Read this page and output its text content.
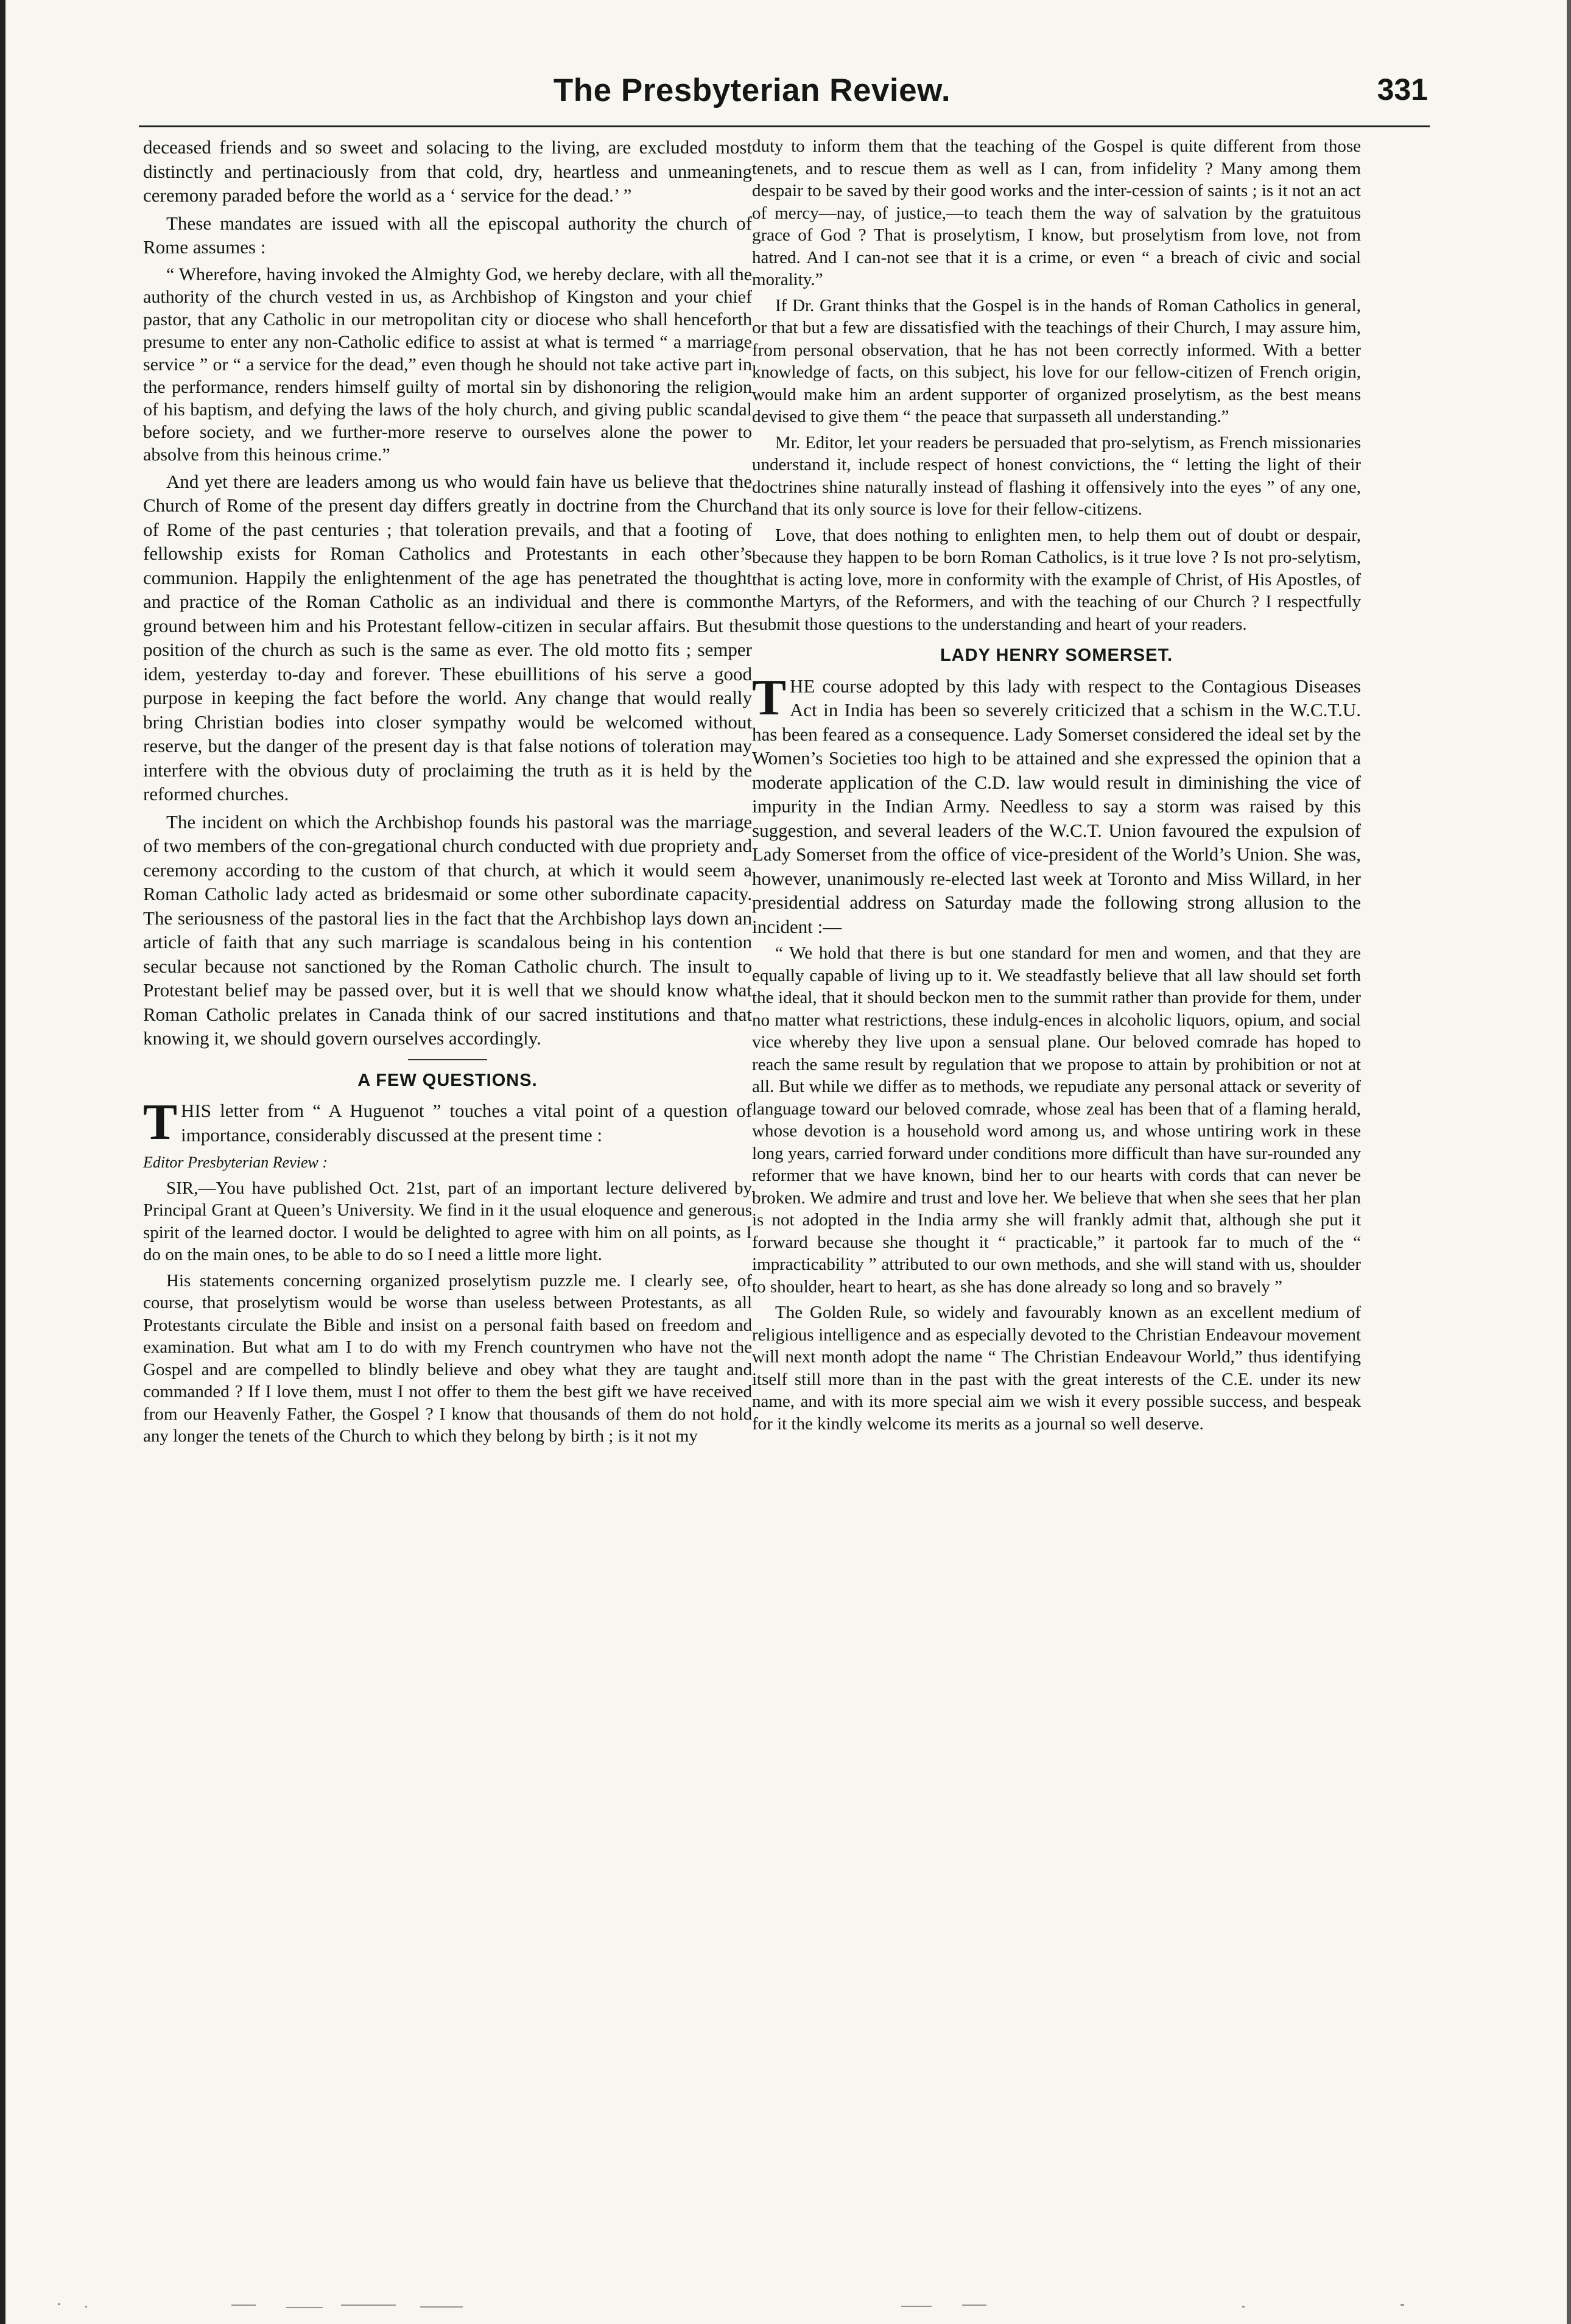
The Presbyterian Review.	331

deceased friends and so sweet and solacing to the living, are excluded most distinctly and pertinaciously from that cold, dry, heartless and unmeaning ceremony paraded before the world as a ‘ service for the dead.’ ”

These mandates are issued with all the episcopal authority the church of Rome assumes :

“ Wherefore, having invoked the Almighty God, we hereby declare, with all the authority of the church vested in us, as Archbishop of Kingston and your chief pastor, that any Catholic in our metropolitan city or diocese who shall henceforth presume to enter any non-Catholic edifice to assist at what is termed “ a marriage service ” or “ a service for the dead,” even though he should not take active part in the performance, renders himself guilty of mortal sin by dishonoring the religion of his baptism, and defying the laws of the holy church, and giving public scandal before society, and we further-more reserve to ourselves alone the power to absolve from this heinous crime.”

And yet there are leaders among us who would fain have us believe that the Church of Rome of the present day differs greatly in doctrine from the Church of Rome of the past centuries ; that toleration prevails, and that a footing of fellowship exists for Roman Catholics and Protestants in each other’s communion. Happily the enlightenment of the age has penetrated the thought and practice of the Roman Catholic as an individual and there is common ground between him and his Protestant fellow-citizen in secular affairs. But the position of the church as such is the same as ever. The old motto fits ; semper idem, yesterday to-day and forever. These ebuillitions of his serve a good purpose in keeping the fact before the world. Any change that would really bring Christian bodies into closer sympathy would be welcomed without reserve, but the danger of the present day is that false notions of toleration may interfere with the obvious duty of proclaiming the truth as it is held by the reformed churches.

The incident on which the Archbishop founds his pastoral was the marriage of two members of the con-gregational church conducted with due propriety and ceremony according to the custom of that church, at which it would seem a Roman Catholic lady acted as bridesmaid or some other subordinate capacity. The seriousness of the pastoral lies in the fact that the Archbishop lays down an article of faith that any such marriage is scandalous being in his contention secular because not sanctioned by the Roman Catholic church. The insult to Protestant belief may be passed over, but it is well that we should know what Roman Catholic prelates in Canada think of our sacred institutions and that knowing it, we should govern ourselves accordingly.

A FEW QUESTIONS.

T HIS letter from “ A Huguenot ” touches a vital point of a question of importance, considerably discussed at the present time :

Editor Presbyterian Review :

SIR,—You have published Oct. 21st, part of an important lecture delivered by Principal Grant at Queen’s University. We find in it the usual eloquence and generous spirit of the learned doctor. I would be delighted to agree with him on all points, as I do on the main ones, to be able to do so I need a little more light.

His statements concerning organized proselytism puzzle me. I clearly see, of course, that proselytism would be worse than useless between Protestants, as all Protestants circulate the Bible and insist on a personal faith based on freedom and examination. But what am I to do with my French countrymen who have not the Gospel and are compelled to blindly believe and obey what they are taught and commanded ? If I love them, must I not offer to them the best gift we have received from our Heavenly Father, the Gospel ? I know that thousands of them do not hold any longer the tenets of the Church to which they belong by birth ; is it not my

duty to inform them that the teaching of the Gospel is quite different from those tenets, and to rescue them as well as I can, from infidelity ? Many among them despair to be saved by their good works and the inter-cession of saints ; is it not an act of mercy—nay, of justice,—to teach them the way of salvation by the gratuitous grace of God ? That is proselytism, I know, but proselytism from love, not from hatred. And I can-not see that it is a crime, or even “ a breach of civic and social morality.”

If Dr. Grant thinks that the Gospel is in the hands of Roman Catholics in general, or that but a few are dissatisfied with the teachings of their Church, I may assure him, from personal observation, that he has not been correctly informed. With a better knowledge of facts, on this subject, his love for our fellow-citizen of French origin, would make him an ardent supporter of organized proselytism, as the best means devised to give them “ the peace that surpasseth all understanding.”

Mr. Editor, let your readers be persuaded that pro-selytism, as French missionaries understand it, include respect of honest convictions, the “ letting the light of their doctrines shine naturally instead of flashing it offensively into the eyes ” of any one, and that its only source is love for their fellow-citizens.

Love, that does nothing to enlighten men, to help them out of doubt or despair, because they happen to be born Roman Catholics, is it true love ? Is not pro-selytism, that is acting love, more in conformity with the example of Christ, of His Apostles, of the Martyrs, of the Reformers, and with the teaching of our Church ? I respectfully submit those questions to the understanding and heart of your readers.

LADY HENRY SOMERSET.

T HE course adopted by this lady with respect to the Contagious Diseases Act in India has been so severely criticized that a schism in the W.C.T.U. has been feared as a consequence. Lady Somerset considered the ideal set by the Women’s Societies too high to be attained and she expressed the opinion that a moderate application of the C.D. law would result in diminishing the vice of impurity in the Indian Army. Needless to say a storm was raised by this suggestion, and several leaders of the W.C.T. Union favoured the expulsion of Lady Somerset from the office of vice-president of the World’s Union. She was, however, unanimously re-elected last week at Toronto and Miss Willard, in her presidential address on Saturday made the following strong allusion to the incident :—

“ We hold that there is but one standard for men and women, and that they are equally capable of living up to it. We steadfastly believe that all law should set forth the ideal, that it should beckon men to the summit rather than provide for them, under no matter what restrictions, these indulg-ences in alcoholic liquors, opium, and social vice whereby they live upon a sensual plane. Our beloved comrade has hoped to reach the same result by regulation that we propose to attain by prohibition or not at all. But while we differ as to methods, we repudiate any personal attack or severity of language toward our beloved comrade, whose zeal has been that of a flaming herald, whose devotion is a household word among us, and whose untiring work in these long years, carried forward under conditions more difficult than have sur-rounded any reformer that we have known, bind her to our hearts with cords that can never be broken. We admire and trust and love her. We believe that when she sees that her plan is not adopted in the India army she will frankly admit that, although she put it forward because she thought it “ practicable,” it partook far to much of the “ impracticability ” attributed to our own methods, and she will stand with us, shoulder to shoulder, heart to heart, as she has done already so long and so bravely ”

The Golden Rule, so widely and favourably known as an excellent medium of religious intelligence and as especially devoted to the Christian Endeavour movement will next month adopt the name “ The Christian Endeavour World,” thus identifying itself still more than in the past with the great interests of the C.E. under its new name, and with its more special aim we wish it every possible success, and bespeak for it the kindly welcome its merits as a journal so well deserve.
